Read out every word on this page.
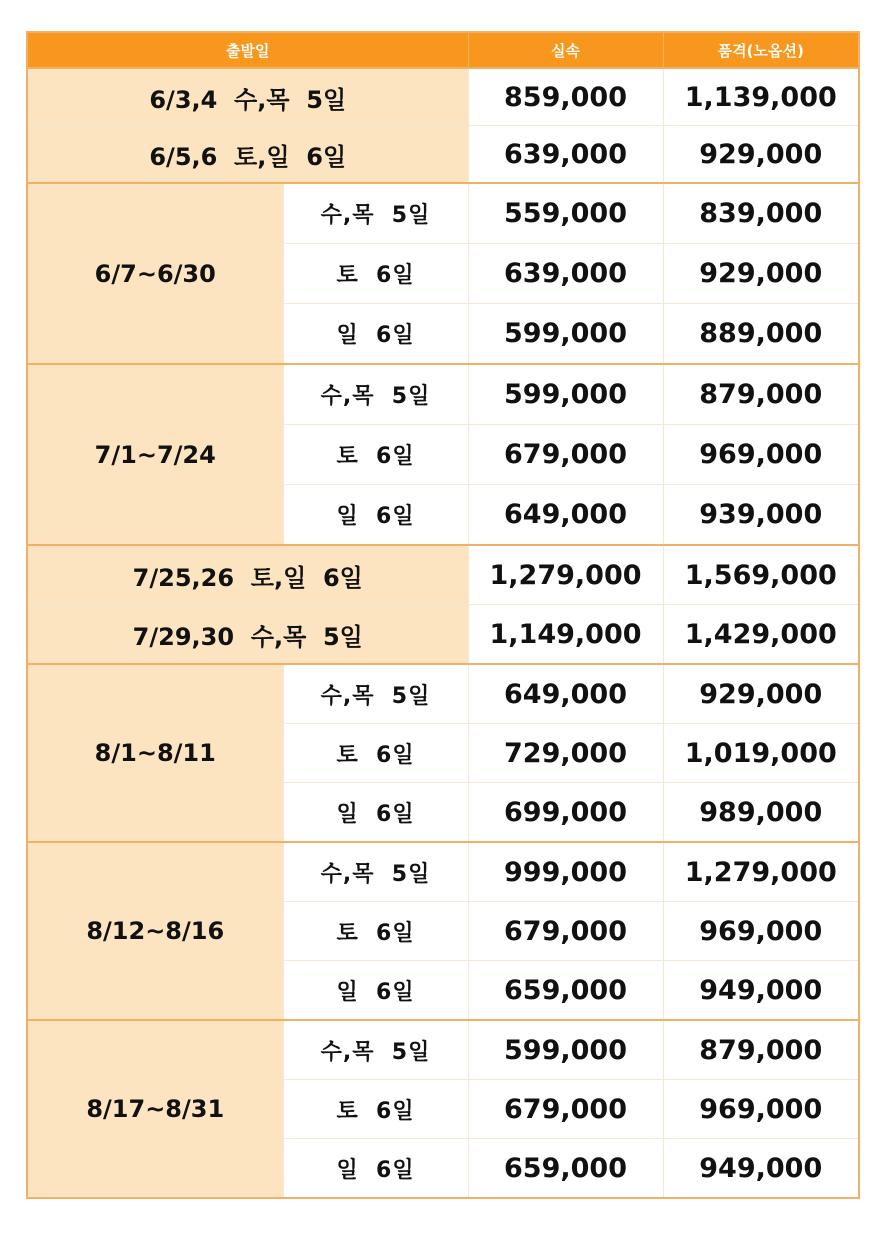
출발일		실속	품격(노옵션)
6/3,4  수,목  5일		859,000	1,139,000
6/5,6  토,일  6일		639,000	929,000
6/7~6/30	수,목  5일	559,000	839,000
	토  6일	639,000	929,000
	일  6일	599,000	889,000
7/1~7/24	수,목  5일	599,000	879,000
	토  6일	679,000	969,000
	일  6일	649,000	939,000
7/25,26  토,일  6일		1,279,000	1,569,000
7/29,30  수,목  5일		1,149,000	1,429,000
8/1~8/11	수,목  5일	649,000	929,000
	토  6일	729,000	1,019,000
	일  6일	699,000	989,000
8/12~8/16	수,목  5일	999,000	1,279,000
	토  6일	679,000	969,000
	일  6일	659,000	949,000
8/17~8/31	수,목  5일	599,000	879,000
	토  6일	679,000	969,000
	일  6일	659,000	949,000
